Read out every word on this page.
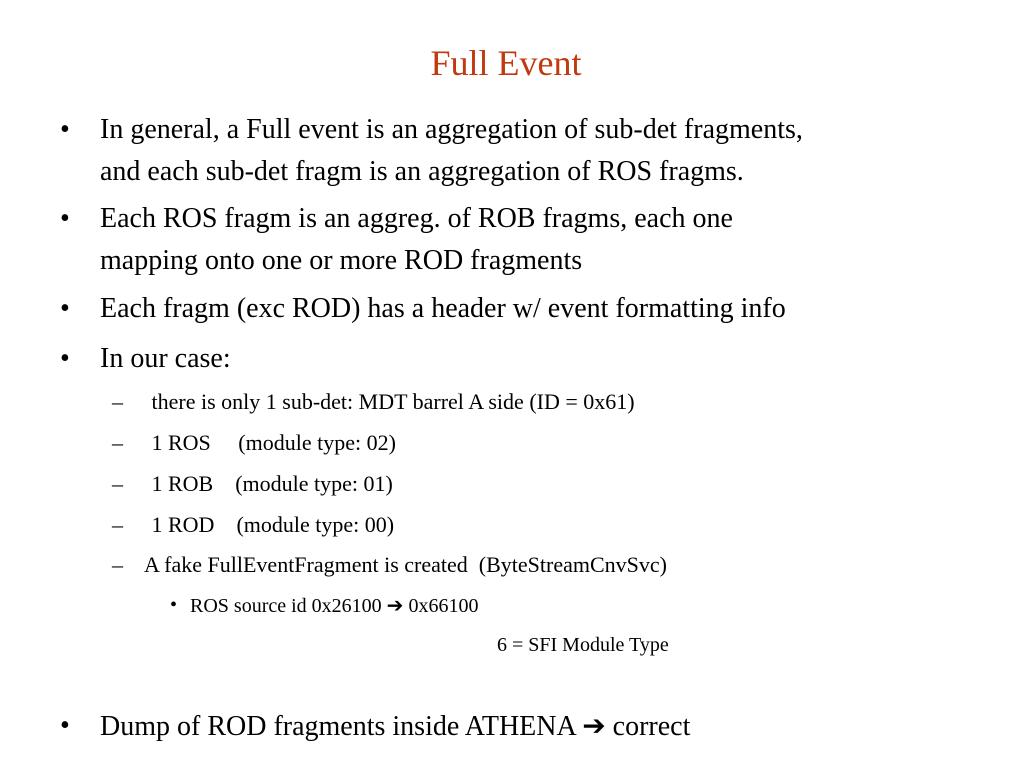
Full Event
• In general, a Full event is an aggregation of sub-det fragments,
and each sub-det fragm is an aggregation of ROS fragms.
• Each ROS fragm is an aggreg. of ROB fragms, each one
mapping onto one or more ROD fragments
• Each fragm (exc ROD) has a header w/ event formatting info
• In our case:
– there is only 1 sub-det: MDT barrel A side (ID = 0x61)
– 1 ROS     (module type: 02)
– 1 ROB    (module type: 01)
– 1 ROD    (module type: 00)
– A fake FullEventFragment is created  (ByteStreamCnvSvc)
• ROS source id 0x26100 ➔ 0x66100
6 = SFI Module Type
• Dump of ROD fragments inside ATHENA ➔ correct
